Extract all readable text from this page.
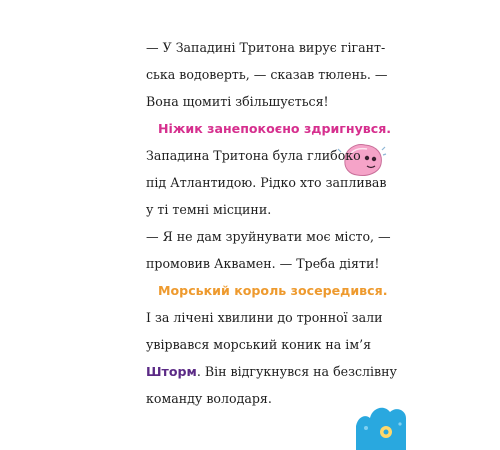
— У Западині Тритона вирує гігант-
ська водоверть, — сказав тюлень. —
Вона щомиті збільшується!
Ніжик занепокоєно здригнувся.
Западина Тритона була глибоко
під Атлантидою. Рідко хто запливав
у ті темні місцини.
— Я не дам зруйнувати моє місто, —
промовив Аквамен. — Треба діяти!
Морський король зосередився.
І за лічені хвилини до тронної зали
увірвався морський коник на ім’я
Шторм. Він відгукнувся на безслівну
команду володаря.
